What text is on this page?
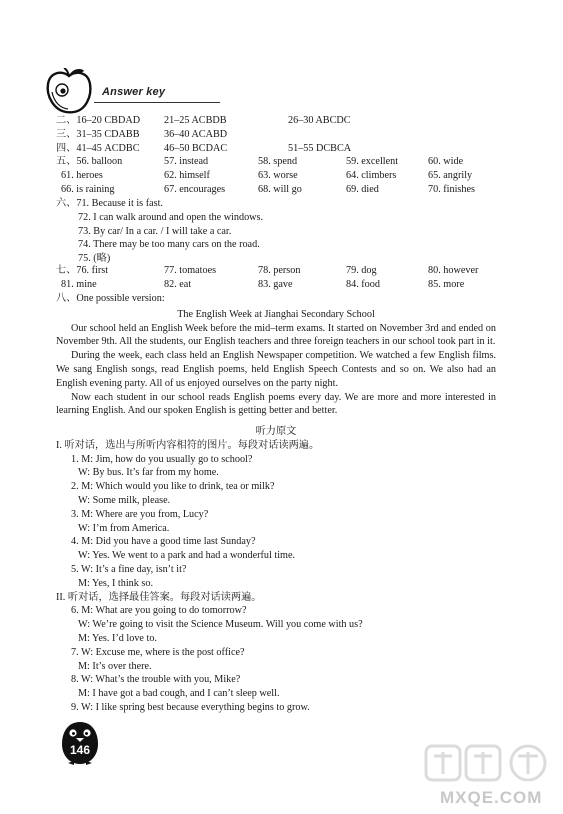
Answer key
二、16–20 CBDAD 21–25 ACBDB	26–30 ABCDC
三、31–35 CDABB 36–40 ACABD
四、41–45 ACDBC 46–50 BCDAC	51–55 DCBCA
五、56. balloon	57. instead	58. spend	59. excellent	60. wide
61. heroes	62. himself	63. worse	64. climbers	65. angrily
66. is raining	67. encourages	68. will go	69. died	70. finishes
六、71. Because it is fast.
72. I can walk around and open the windows.
73. By car/ In a car. / I will take a car.
74. There may be too many cars on the road.
75. (略)
七、76. first	77. tomatoes	78. person	79. dog	80. however
81. mine	82. eat	83. gave	84. food	85. more
八、One possible version:
The English Week at Jianghai Secondary School
Our school held an English Week before the mid–term exams. It started on November 3rd and ended on November 9th. All the students, our English teachers and three foreign teachers in our school took part in it.
During the week, each class held an English Newspaper competition. We watched a few English films. We sang English songs, read English poems, held English Speech Contests and so on. We also had an English evening party. All of us enjoyed ourselves on the party night.
Now each student in our school reads English poems every day. We are more and more interested in learning English. And our spoken English is getting better and better.
听力原文
I. 听对话，选出与所听内容相符的图片。每段对话读两遍。
1. M: Jim, how do you usually go to school?
W: By bus. It’s far from my home.
2. M: Which would you like to drink, tea or milk?
W: Some milk, please.
3. M: Where are you from, Lucy?
W: I’m from America.
4. M: Did you have a good time last Sunday?
W: Yes. We went to a park and had a wonderful time.
5. W: It’s a fine day, isn’t it?
M: Yes, I think so.
II. 听对话，选择最佳答案。每段对话读两遍。
6. M: What are you going to do tomorrow?
W: We’re going to visit the Science Museum. Will you come with us?
M: Yes. I’d love to.
7. W: Excuse me, where is the post office?
M: It’s over there.
8. W: What’s the trouble with you, Mike?
M: I have got a bad cough, and I can’t sleep well.
9. W: I like spring best because everything begins to grow.
146
MXQE.COM
